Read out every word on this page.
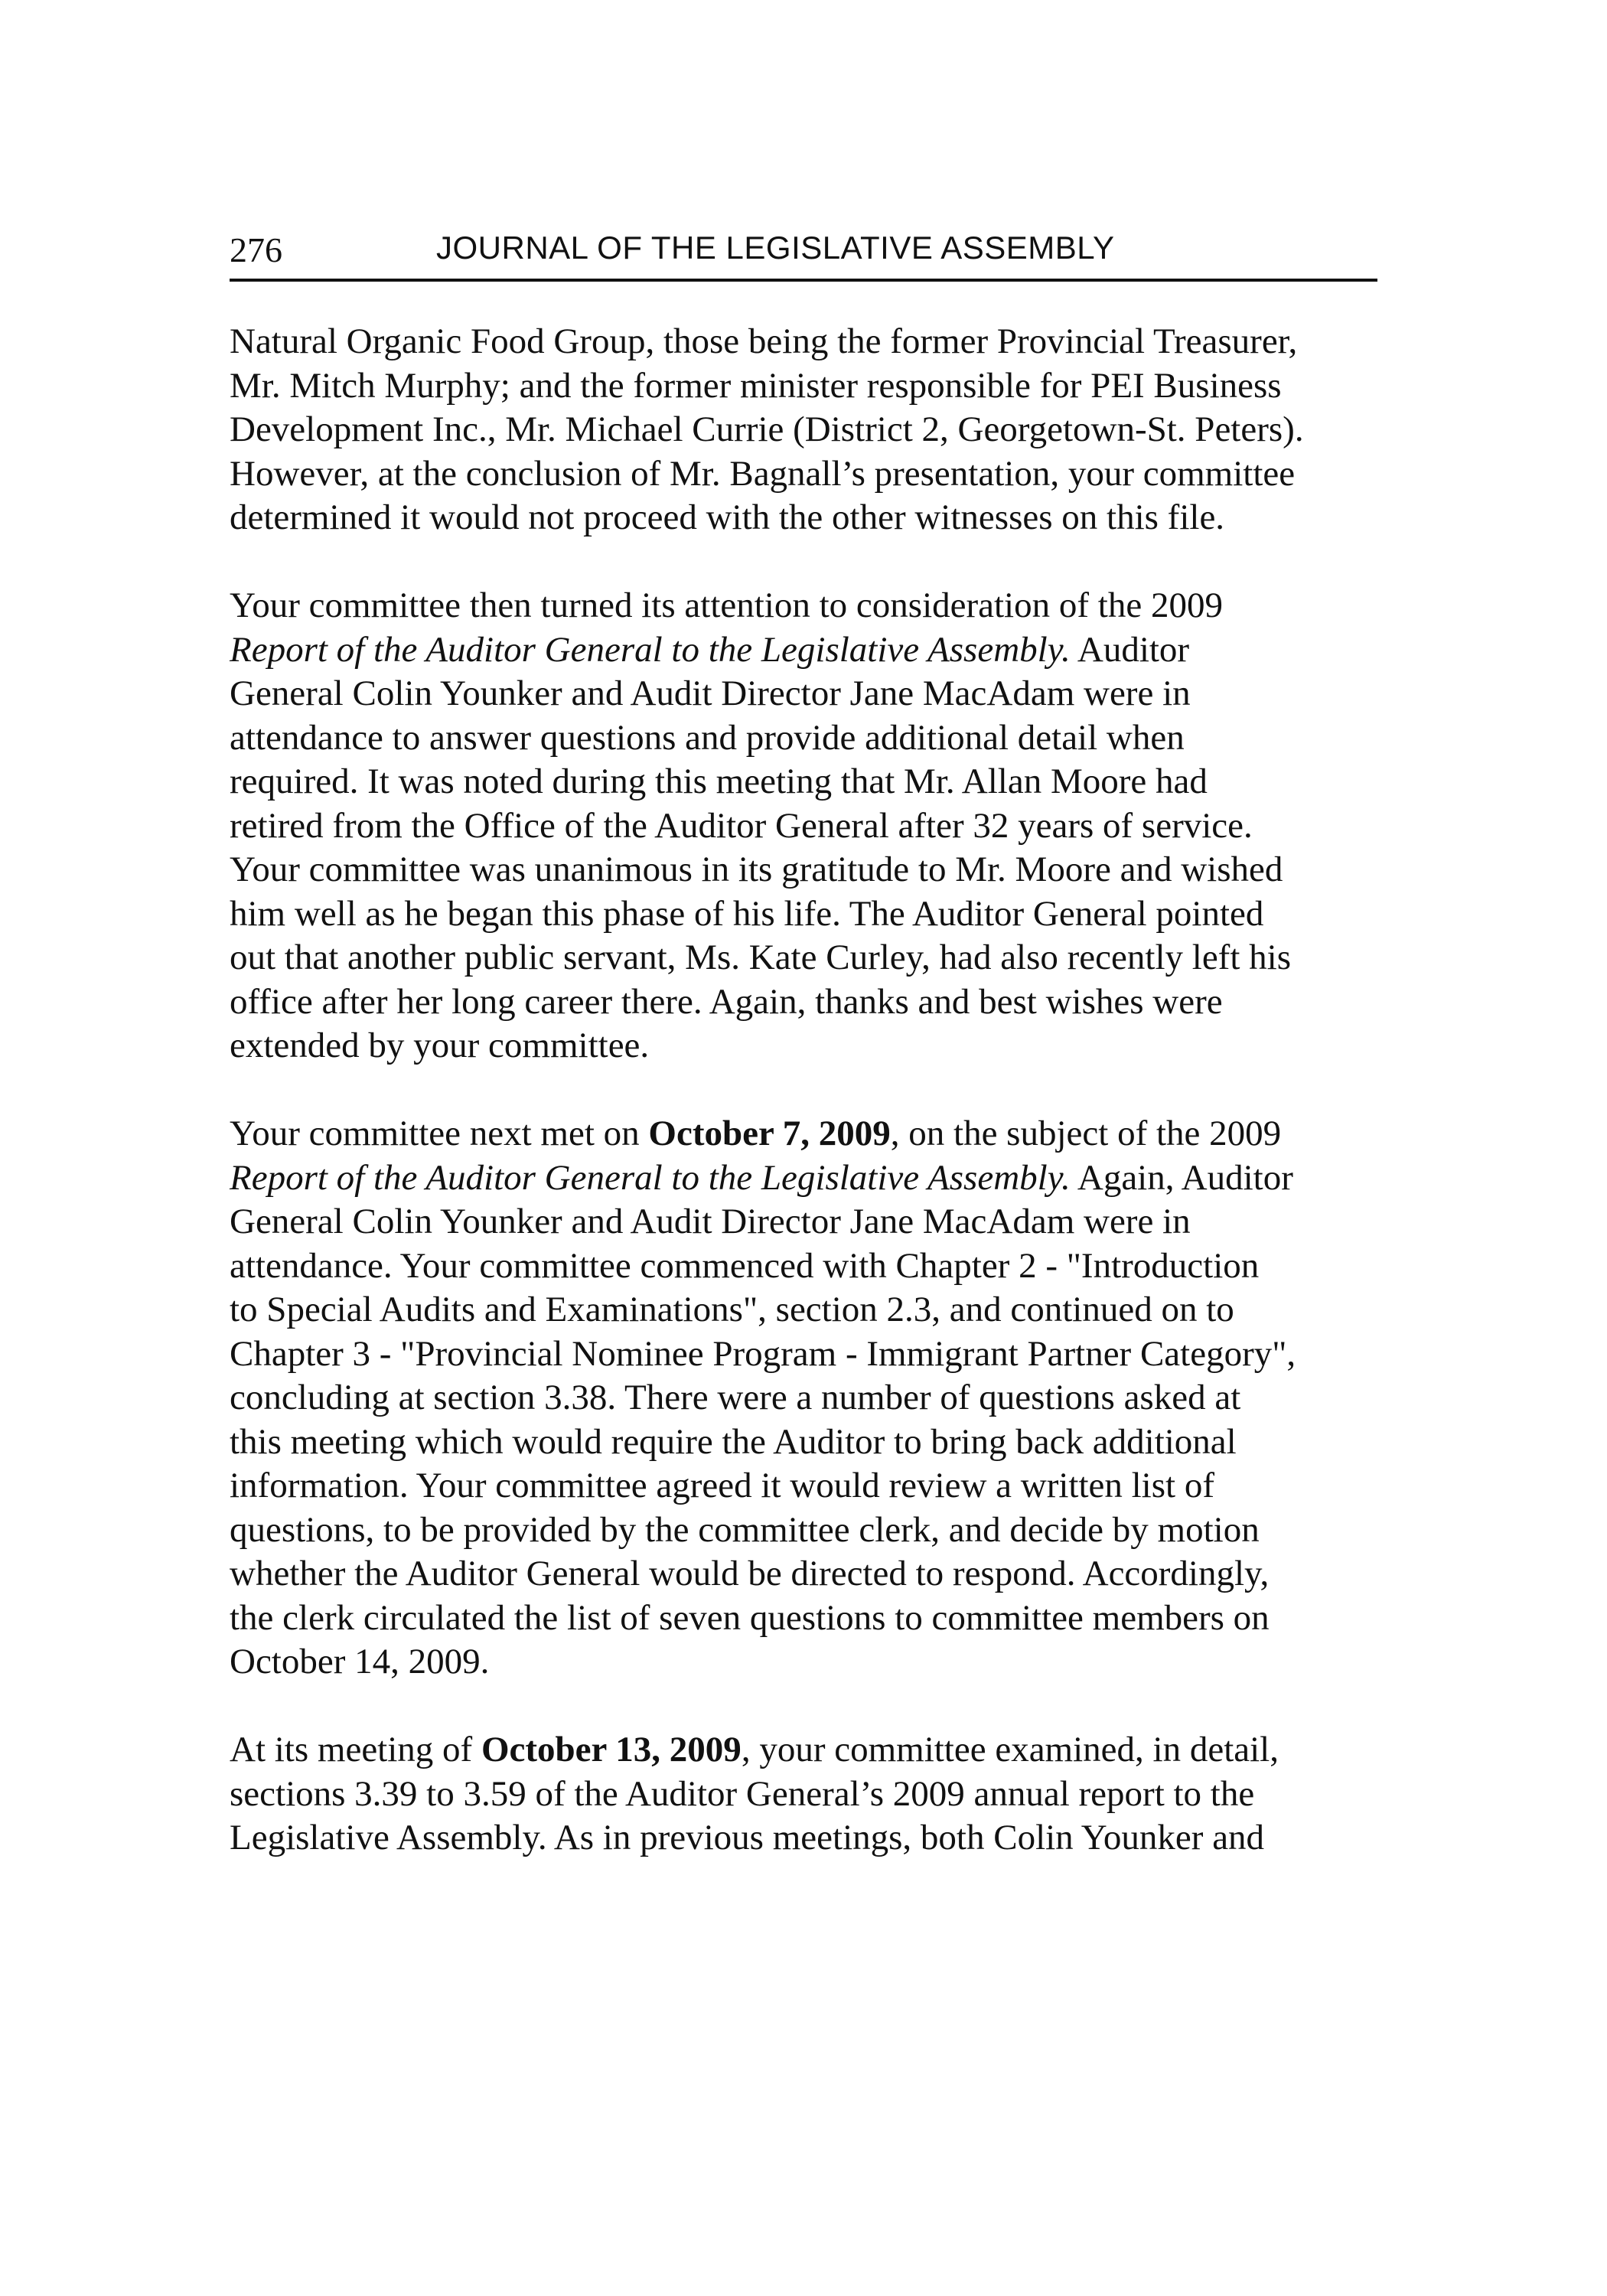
276	JOURNAL OF THE LEGISLATIVE ASSEMBLY

Natural Organic Food Group, those being the former Provincial Treasurer,
Mr. Mitch Murphy; and the former minister responsible for PEI Business
Development Inc., Mr. Michael Currie (District 2, Georgetown-St. Peters).
However, at the conclusion of Mr. Bagnall’s presentation, your committee
determined it would not proceed with the other witnesses on this file.

Your committee then turned its attention to consideration of the 2009
Report of the Auditor General to the Legislative Assembly. Auditor
General Colin Younker and Audit Director Jane MacAdam were in
attendance to answer questions and provide additional detail when
required. It was noted during this meeting that Mr. Allan Moore had
retired from the Office of the Auditor General after 32 years of service.
Your committee was unanimous in its gratitude to Mr. Moore and wished
him well as he began this phase of his life. The Auditor General pointed
out that another public servant, Ms. Kate Curley, had also recently left his
office after her long career there. Again, thanks and best wishes were
extended by your committee.

Your committee next met on October 7, 2009, on the subject of the 2009
Report of the Auditor General to the Legislative Assembly. Again, Auditor
General Colin Younker and Audit Director Jane MacAdam were in
attendance. Your committee commenced with Chapter 2 - "Introduction
to Special Audits and Examinations", section 2.3, and continued on to
Chapter 3 - "Provincial Nominee Program - Immigrant Partner Category",
concluding at section 3.38. There were a number of questions asked at
this meeting which would require the Auditor to bring back additional
information. Your committee agreed it would review a written list of
questions, to be provided by the committee clerk, and decide by motion
whether the Auditor General would be directed to respond. Accordingly,
the clerk circulated the list of seven questions to committee members on
October 14, 2009.

At its meeting of October 13, 2009, your committee examined, in detail,
sections 3.39 to 3.59 of the Auditor General’s 2009 annual report to the
Legislative Assembly. As in previous meetings, both Colin Younker and
